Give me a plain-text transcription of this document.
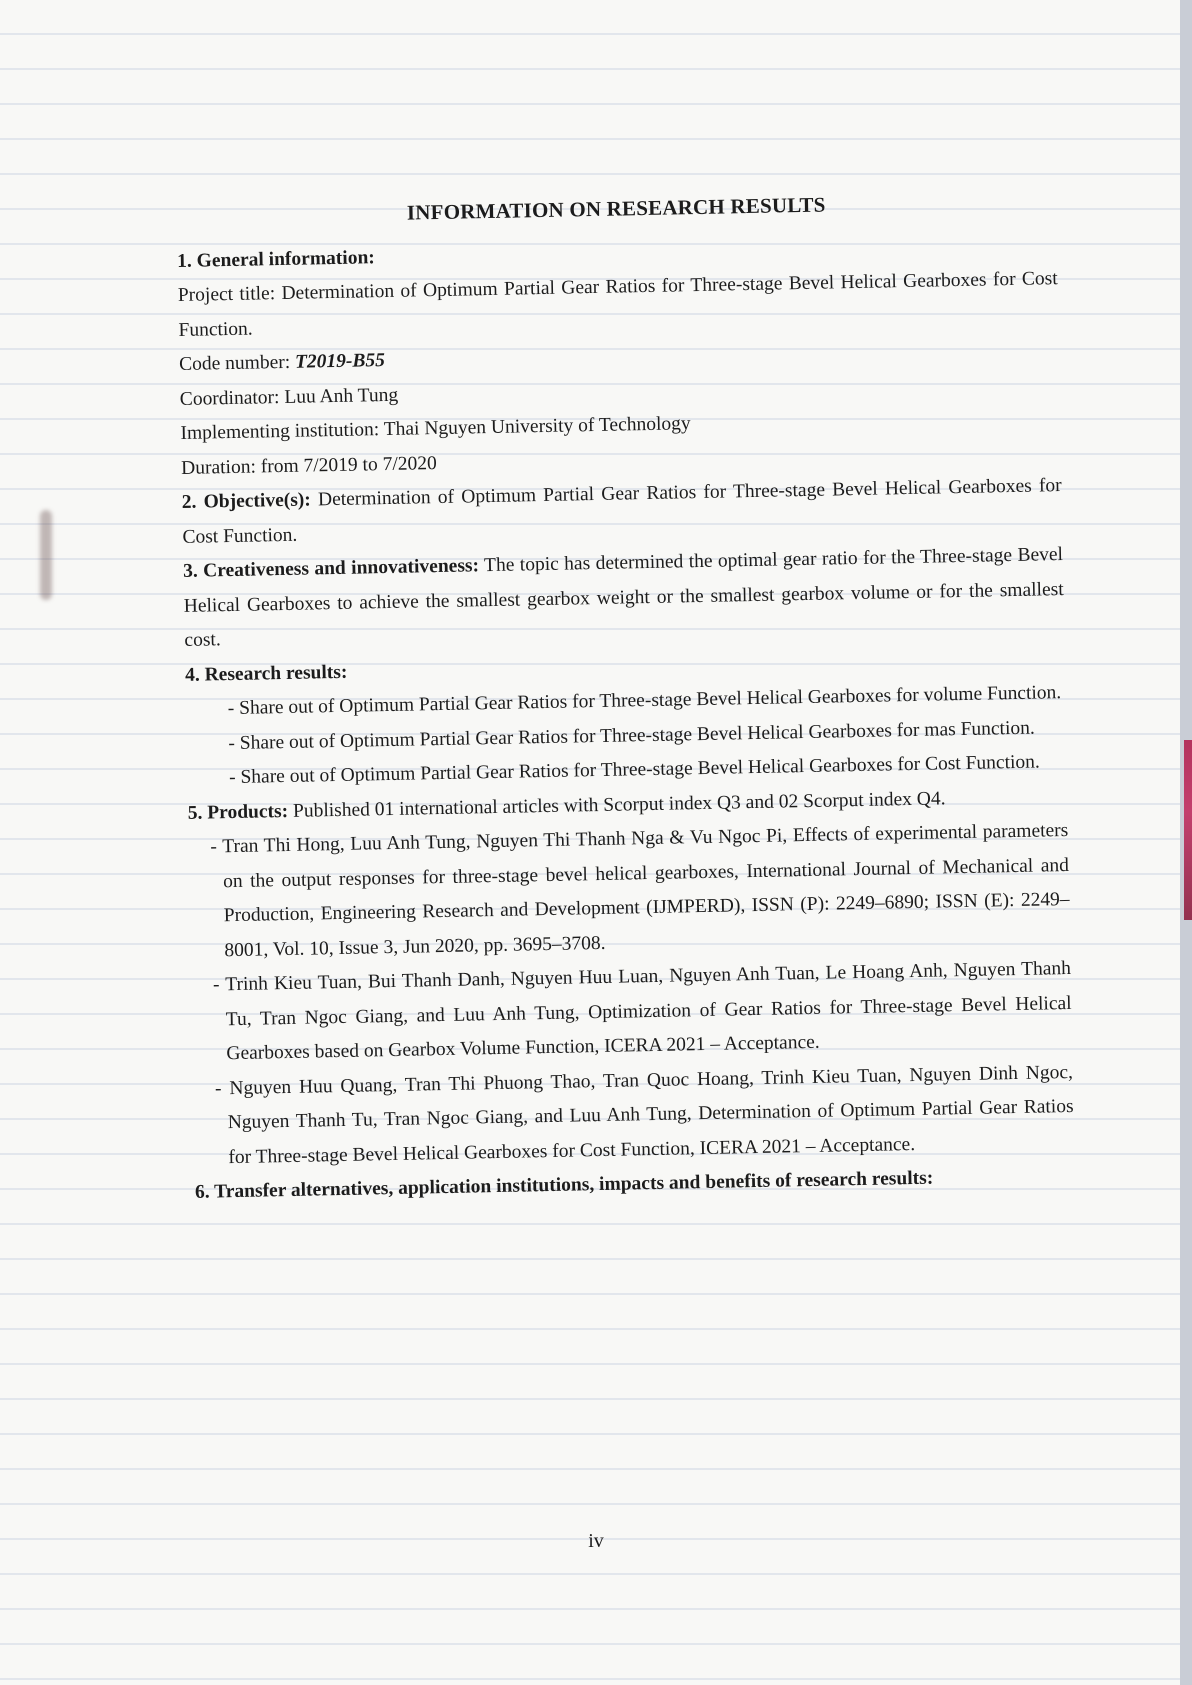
INFORMATION ON RESEARCH RESULTS

1. General information:

Project title: Determination of Optimum Partial Gear Ratios for Three-stage Bevel Helical Gearboxes for Cost Function.

Code number: T2019-B55

Coordinator: Luu Anh Tung

Implementing institution: Thai Nguyen University of Technology

Duration: from 7/2019 to 7/2020

2. Objective(s): Determination of Optimum Partial Gear Ratios for Three-stage Bevel Helical Gearboxes for Cost Function.

3. Creativeness and innovativeness: The topic has determined the optimal gear ratio for the Three-stage Bevel Helical Gearboxes to achieve the smallest gearbox weight or the smallest gearbox volume or for the smallest cost.

4. Research results:

- Share out of Optimum Partial Gear Ratios for Three-stage Bevel Helical Gearboxes for volume Function.

- Share out of Optimum Partial Gear Ratios for Three-stage Bevel Helical Gearboxes for mas Function.

- Share out of Optimum Partial Gear Ratios for Three-stage Bevel Helical Gearboxes for Cost Function.

5. Products: Published 01 international articles with Scorput index Q3 and 02 Scorput index Q4.

- Tran Thi Hong, Luu Anh Tung, Nguyen Thi Thanh Nga & Vu Ngoc Pi, Effects of experimental parameters on the output responses for three-stage bevel helical gearboxes, International Journal of Mechanical and Production, Engineering Research and Development (IJMPERD), ISSN (P): 2249–6890; ISSN (E): 2249–8001, Vol. 10, Issue 3, Jun 2020, pp. 3695–3708.

- Trinh Kieu Tuan, Bui Thanh Danh, Nguyen Huu Luan, Nguyen Anh Tuan, Le Hoang Anh, Nguyen Thanh Tu, Tran Ngoc Giang, and Luu Anh Tung, Optimization of Gear Ratios for Three-stage Bevel Helical Gearboxes based on Gearbox Volume Function, ICERA 2021 – Acceptance.

- Nguyen Huu Quang, Tran Thi Phuong Thao, Tran Quoc Hoang, Trinh Kieu Tuan, Nguyen Dinh Ngoc, Nguyen Thanh Tu, Tran Ngoc Giang, and Luu Anh Tung, Determination of Optimum Partial Gear Ratios for Three-stage Bevel Helical Gearboxes for Cost Function, ICERA 2021 – Acceptance.

6. Transfer alternatives, application institutions, impacts and benefits of research results:

iv
